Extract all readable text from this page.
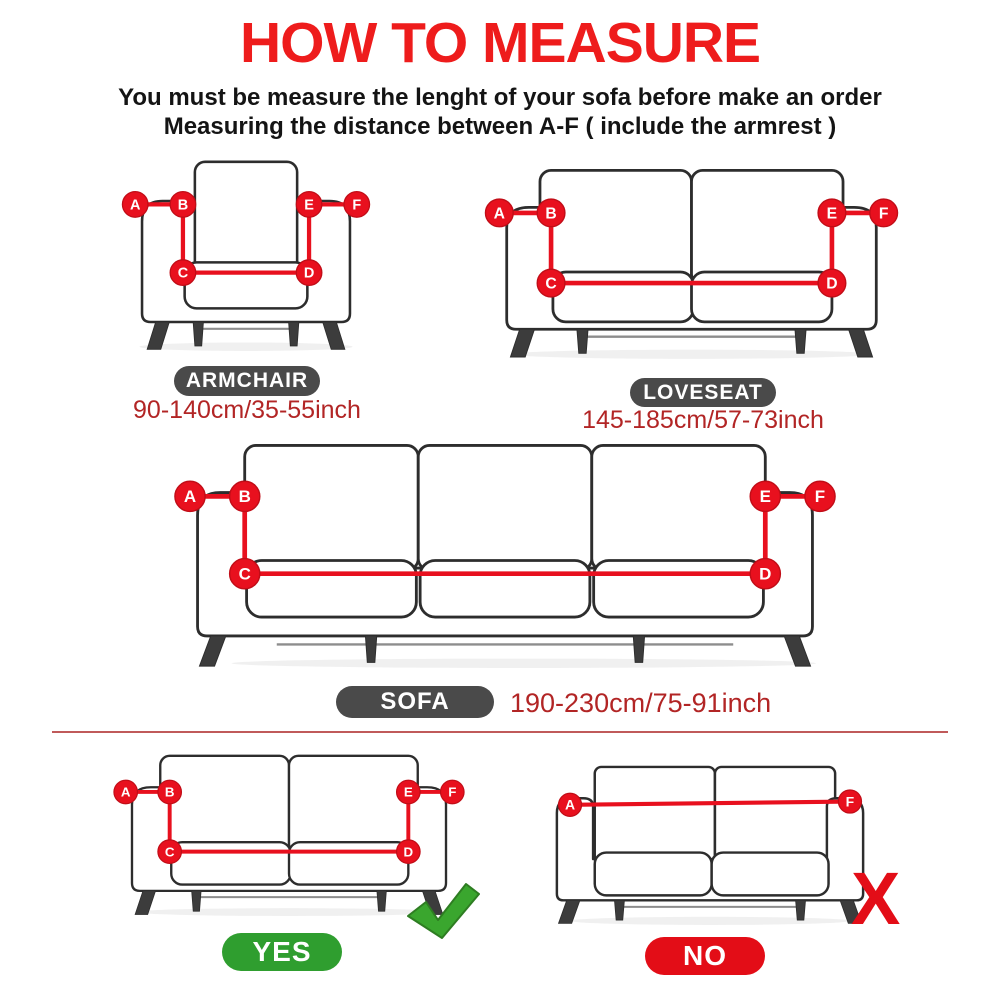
HOW TO MEASURE
You must be measure the lenght of your sofa before make an order
Measuring the distance between A-F ( include the armrest )
A B
C	D
E F
ARMCHAIR
90-140cm/35-55inch
A B
C	D
E F
LOVESEAT
145-185cm/57-73inch
A B
C	D
E F
SOFA 190-230cm/75-91inch
A B
C	D
E F
YES
A	F
X
NO
